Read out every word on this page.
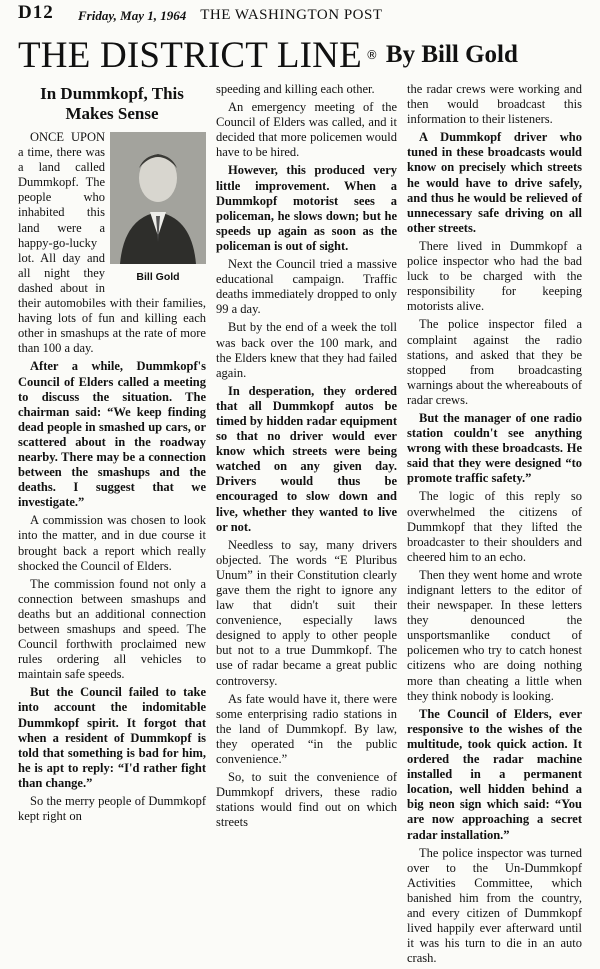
D12	Friday, May 1, 1964 THE WASHINGTON POST
THE DISTRICT LINE ® By Bill Gold
In Dummkopf, This
Makes Sense
Bill Gold

ONCE UPON a time, there was a land called Dummkopf. The people who inhabited this land were a happy-go-lucky lot. All day and all night they dashed about in their automobiles with their families, having lots of fun and killing each other in smashups at the rate of more than 100 a day.

After a while, Dummkopf's Council of Elders called a meeting to discuss the situation. The chairman said: “We keep finding dead people in smashed up cars, or scattered about in the roadway nearby. There may be a connection between the smashups and the deaths. I suggest that we investigate.”

A commission was chosen to look into the matter, and in due course it brought back a report which really shocked the Council of Elders.

The commission found not only a connection between smashups and deaths but an additional connection between smashups and speed. The Council forthwith proclaimed new rules ordering all vehicles to maintain safe speeds.

But the Council failed to take into account the indomitable Dummkopf spirit. It forgot that when a resident of Dummkopf is told that something is bad for him, he is apt to reply: “I'd rather fight than change.”

So the merry people of Dummkopf kept right on

speeding and killing each other.

An emergency meeting of the Council of Elders was called, and it decided that more policemen would have to be hired.

However, this produced very little improvement. When a Dummkopf motorist sees a policeman, he slows down; but he speeds up again as soon as the policeman is out of sight.

Next the Council tried a massive educational campaign. Traffic deaths immediately dropped to only 99 a day.

But by the end of a week the toll was back over the 100 mark, and the Elders knew that they had failed again.

In desperation, they ordered that all Dummkopf autos be timed by hidden radar equipment so that no driver would ever know which streets were being watched on any given day. Drivers would thus be encouraged to slow down and live, whether they wanted to live or not.

Needless to say, many drivers objected. The words “E Pluribus Unum” in their Constitution clearly gave them the right to ignore any law that didn't suit their convenience, especially laws designed to apply to other people but not to a true Dummkopf. The use of radar became a great public controversy.

As fate would have it, there were some enterprising radio stations in the land of Dummkopf. By law, they operated “in the public convenience.”

So, to suit the convenience of Dummkopf drivers, these radio stations would find out on which streets

the radar crews were working and then would broadcast this information to their listeners.

A Dummkopf driver who tuned in these broadcasts would know on precisely which streets he would have to drive safely, and thus he would be relieved of unnecessary safe driving on all other streets.

There lived in Dummkopf a police inspector who had the bad luck to be charged with the responsibility for keeping motorists alive.

The police inspector filed a complaint against the radio stations, and asked that they be stopped from broadcasting warnings about the whereabouts of radar crews.

But the manager of one radio station couldn't see anything wrong with these broadcasts. He said that they were designed “to promote traffic safety.”

The logic of this reply so overwhelmed the citizens of Dummkopf that they lifted the broadcaster to their shoulders and cheered him to an echo.

Then they went home and wrote indignant letters to the editor of their newspaper. In these letters they denounced the unsportsmanlike conduct of policemen who try to catch honest citizens who are doing nothing more than cheating a little when they think nobody is looking.

The Council of Elders, ever responsive to the wishes of the multitude, took quick action. It ordered the radar machine installed in a permanent location, well hidden behind a big neon sign which said: “You are now approaching a secret radar installation.”

The police inspector was turned over to the Un-Dummkopf Activities Committee, which banished him from the country, and every citizen of Dummkopf lived happily ever afterward until it was his turn to die in an auto crash.
